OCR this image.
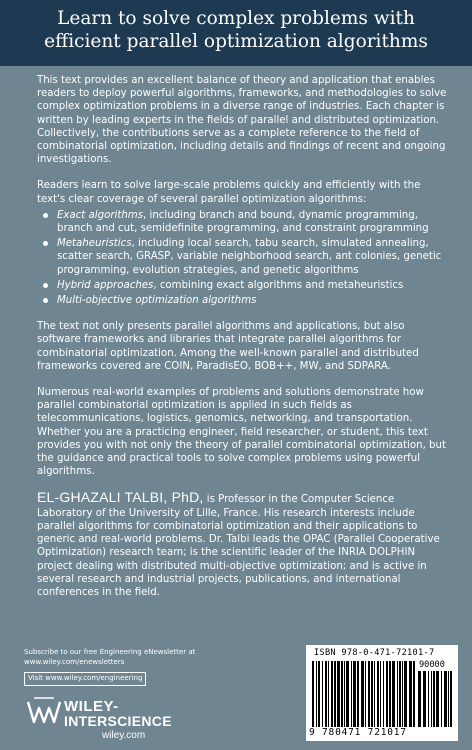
Learn to solve complex problems with
efficient parallel optimization algorithms

This text provides an excellent balance of theory and application that enables readers to deploy powerful algorithms, frameworks, and methodologies to solve complex optimization problems in a diverse range of industries. Each chapter is written by leading experts in the fields of parallel and distributed optimization. Collectively, the contributions serve as a complete reference to the field of combinatorial optimization, including details and findings of recent and ongoing investigations.

Readers learn to solve large-scale problems quickly and efficiently with the text's clear coverage of several parallel optimization algorithms:

Exact algorithms, including branch and bound, dynamic programming, branch and cut, semidefinite programming, and constraint programming
Metaheuristics, including local search, tabu search, simulated annealing, scatter search, GRASP, variable neighborhood search, ant colonies, genetic programming, evolution strategies, and genetic algorithms
Hybrid approaches, combining exact algorithms and metaheuristics
Multi-objective optimization algorithms

The text not only presents parallel algorithms and applications, but also software frameworks and libraries that integrate parallel algorithms for combinatorial optimization. Among the well-known parallel and distributed frameworks covered are COIN, ParadisEO, BOB++, MW, and SDPARA.

Numerous real-world examples of problems and solutions demonstrate how parallel combinatorial optimization is applied in such fields as telecommunications, logistics, genomics, networking, and transportation. Whether you are a practicing engineer, field researcher, or student, this text provides you with not only the theory of parallel combinatorial optimization, but the guidance and practical tools to solve complex problems using powerful algorithms.

EL-GHAZALI TALBI, PhD, is Professor in the Computer Science Laboratory of the University of Lille, France. His research interests include parallel algorithms for combinatorial optimization and their applications to generic and real-world problems. Dr. Talbi leads the OPAC (Parallel Cooperative Optimization) research team; is the scientific leader of the INRIA DOLPHIN project dealing with distributed multi-objective optimization; and is active in several research and industrial projects, publications, and international conferences in the field.

Subscribe to our free Engineering eNewsletter at
www.wiley.com/enewsletters
Visit www.wiley.com/engineering
WILEY-
INTERSCIENCE
wiley.com
ISBN 978-0-471-72101-7
90000
9 780471 721017
